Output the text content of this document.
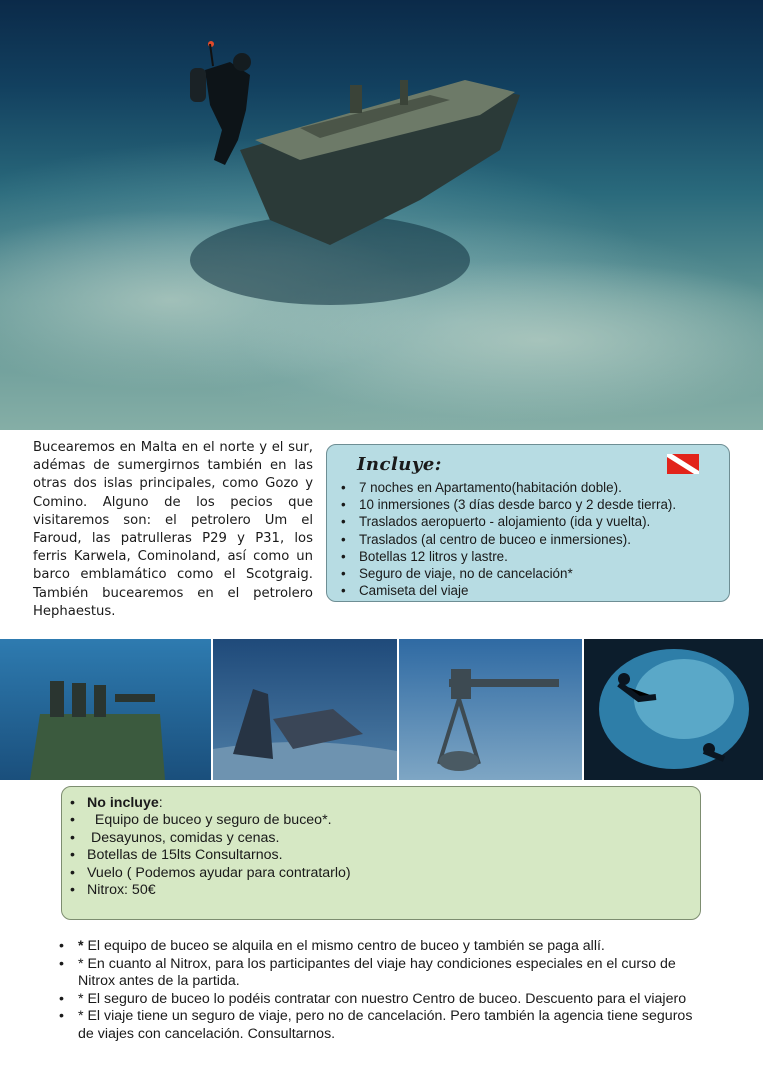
Bucearemos en Malta en el norte y el sur, adémas de sumergirnos también en las otras dos islas principales, como Gozo y Comino. Alguno de los pecios que visitaremos son: el petrolero Um el Faroud, las patrulleras P29 y P31, los ferris Karwela, Cominoland, así como un barco emblamático como el Scotgraig. También bucearemos en el petrolero Hephaestus.
Incluye:
• 7 noches en Apartamento(habitación doble).
• 10 inmersiones (3 días desde barco y 2 desde tierra).
• Traslados aeropuerto - alojamiento (ida y vuelta).
• Traslados (al centro de buceo e inmersiones).
• Botellas 12 litros y lastre.
• Seguro de viaje, no de cancelación*
• Camiseta del viaje
• No incluye:
• Equipo de buceo y seguro de buceo*.
• Desayunos, comidas y cenas.
• Botellas de 15lts Consultarnos.
• Vuelo ( Podemos ayudar para contratarlo)
• Nitrox: 50€
• * El equipo de buceo se alquila en el mismo centro de buceo y también se paga allí.
• * En cuanto al Nitrox, para los participantes del viaje hay condiciones especiales en el curso de Nitrox antes de la partida.
• * El seguro de buceo lo podéis contratar con nuestro Centro de buceo. Descuento para el viajero
• * El viaje tiene un seguro de viaje, pero no de cancelación. Pero también la agencia tiene seguros de viajes con cancelación. Consultarnos.
